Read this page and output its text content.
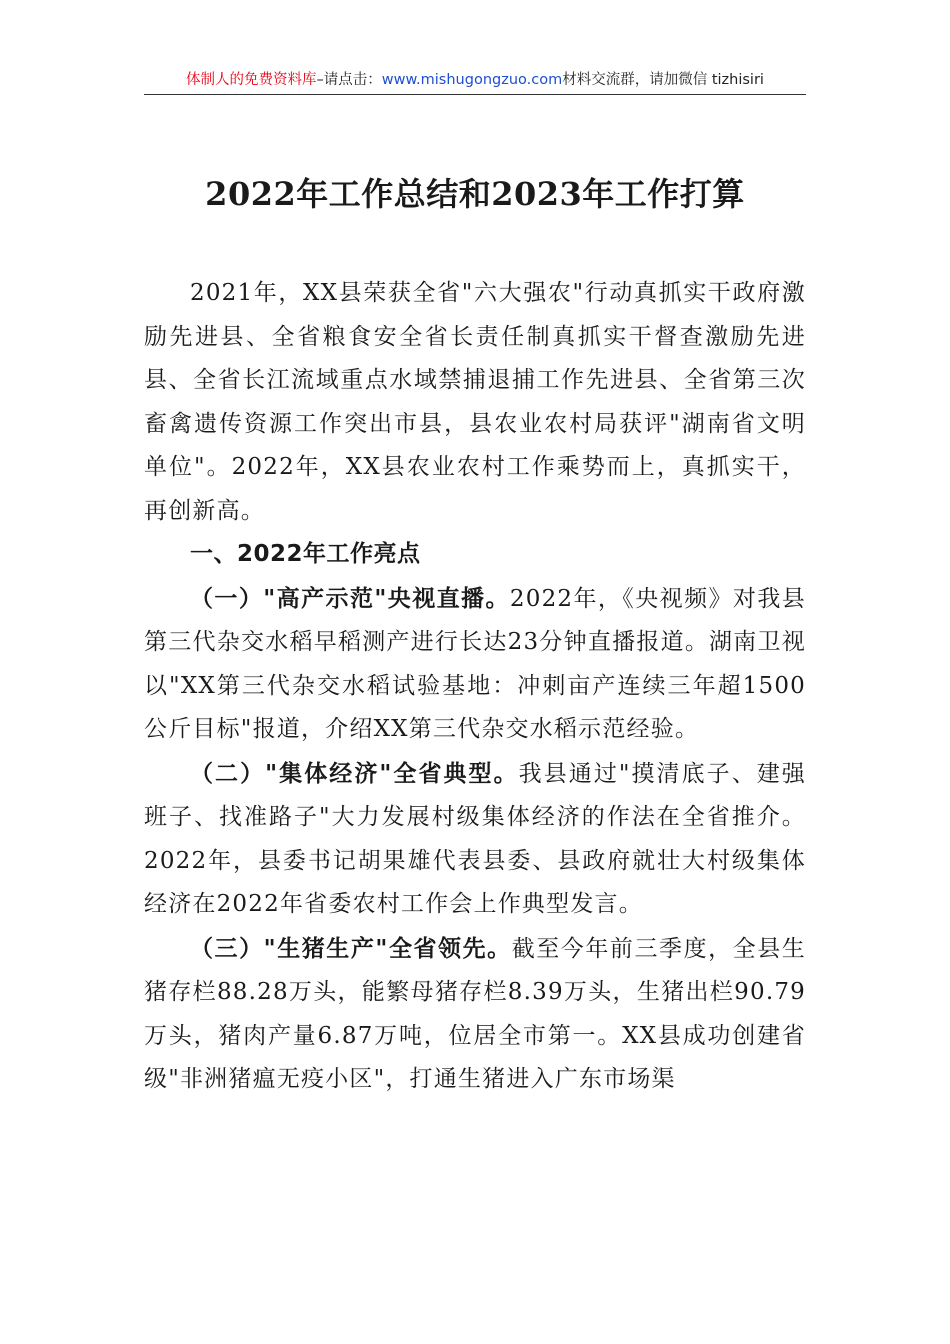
体制人的免费资料库–请点击：www.mishugongzuo.com材料交流群，请加微信 tizhisiri
2022年工作总结和2023年工作打算

2021年，XX县荣获全省"六大强农"行动真抓实干政府激励先进县、全省粮食安全省长责任制真抓实干督查激励先进县、全省长江流域重点水域禁捕退捕工作先进县、全省第三次畜禽遗传资源工作突出市县，县农业农村局获评"湖南省文明单位"。2022年，XX县农业农村工作乘势而上，真抓实干，再创新高。

一、2022年工作亮点

（一）"高产示范"央视直播。2022年，《央视频》对我县第三代杂交水稻早稻测产进行长达23分钟直播报道。湖南卫视以"XX第三代杂交水稻试验基地：冲刺亩产连续三年超1500公斤目标"报道，介绍XX第三代杂交水稻示范经验。

（二）"集体经济"全省典型。我县通过"摸清底子、建强班子、找准路子"大力发展村级集体经济的作法在全省推介。2022年，县委书记胡果雄代表县委、县政府就壮大村级集体经济在2022年省委农村工作会上作典型发言。

（三）"生猪生产"全省领先。截至今年前三季度，全县生猪存栏88.28万头，能繁母猪存栏8.39万头，生猪出栏90.79万头，猪肉产量6.87万吨，位居全市第一。XX县成功创建省级"非洲猪瘟无疫小区"，打通生猪进入广东市场渠
